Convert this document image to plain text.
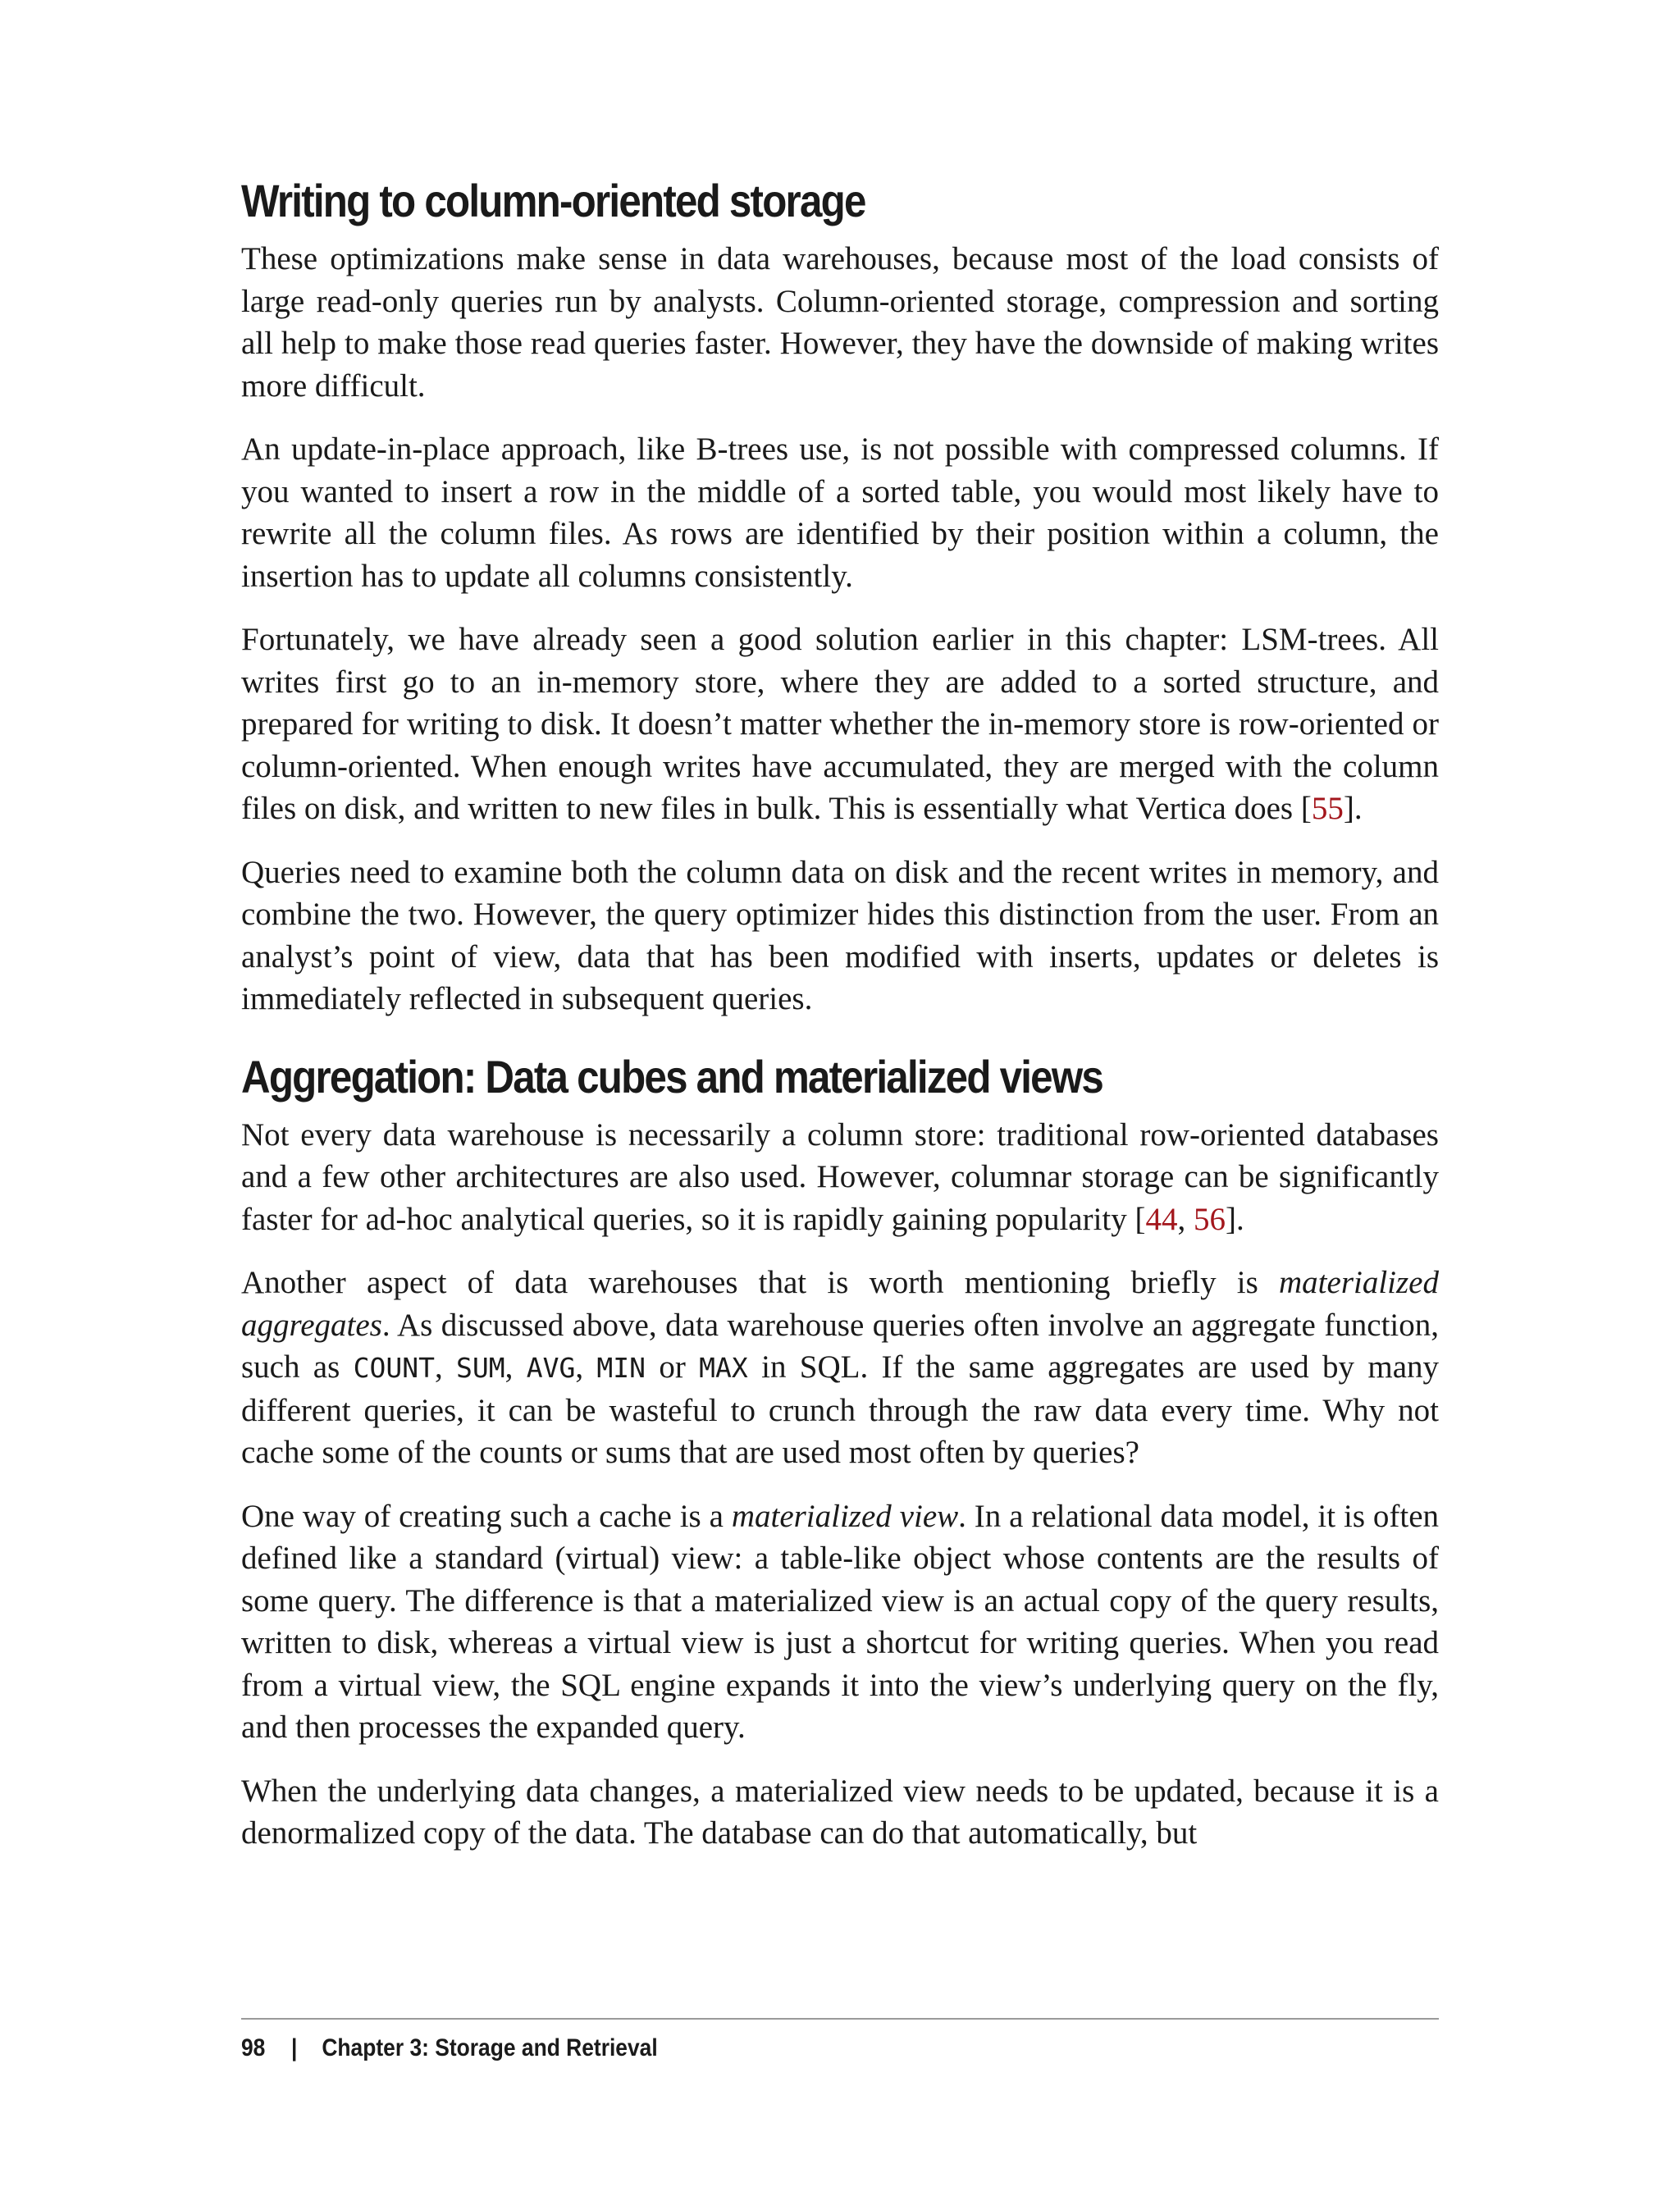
Writing to column-oriented storage

These optimizations make sense in data warehouses, because most of the load consists of large read-only queries run by analysts. Column-oriented storage, compression and sorting all help to make those read queries faster. However, they have the downside of making writes more difficult.

An update-in-place approach, like B-trees use, is not possible with compressed columns. If you wanted to insert a row in the middle of a sorted table, you would most likely have to rewrite all the column files. As rows are identified by their position within a column, the insertion has to update all columns consistently.

Fortunately, we have already seen a good solution earlier in this chapter: LSM-trees. All writes first go to an in-memory store, where they are added to a sorted structure, and prepared for writing to disk. It doesn’t matter whether the in-memory store is row-oriented or column-oriented. When enough writes have accumulated, they are merged with the column files on disk, and written to new files in bulk. This is essentially what Vertica does [55].

Queries need to examine both the column data on disk and the recent writes in memory, and combine the two. However, the query optimizer hides this distinction from the user. From an analyst’s point of view, data that has been modified with inserts, updates or deletes is immediately reflected in subsequent queries.

Aggregation: Data cubes and materialized views

Not every data warehouse is necessarily a column store: traditional row-oriented databases and a few other architectures are also used. However, columnar storage can be significantly faster for ad-hoc analytical queries, so it is rapidly gaining popularity [44, 56].

Another aspect of data warehouses that is worth mentioning briefly is materialized aggregates. As discussed above, data warehouse queries often involve an aggregate function, such as COUNT, SUM, AVG, MIN or MAX in SQL. If the same aggregates are used by many different queries, it can be wasteful to crunch through the raw data every time. Why not cache some of the counts or sums that are used most often by queries?

One way of creating such a cache is a materialized view. In a relational data model, it is often defined like a standard (virtual) view: a table-like object whose contents are the results of some query. The difference is that a materialized view is an actual copy of the query results, written to disk, whereas a virtual view is just a shortcut for writing queries. When you read from a virtual view, the SQL engine expands it into the view’s underlying query on the fly, and then processes the expanded query.

When the underlying data changes, a materialized view needs to be updated, because it is a denormalized copy of the data. The database can do that automatically, but

98 | Chapter 3: Storage and Retrieval
